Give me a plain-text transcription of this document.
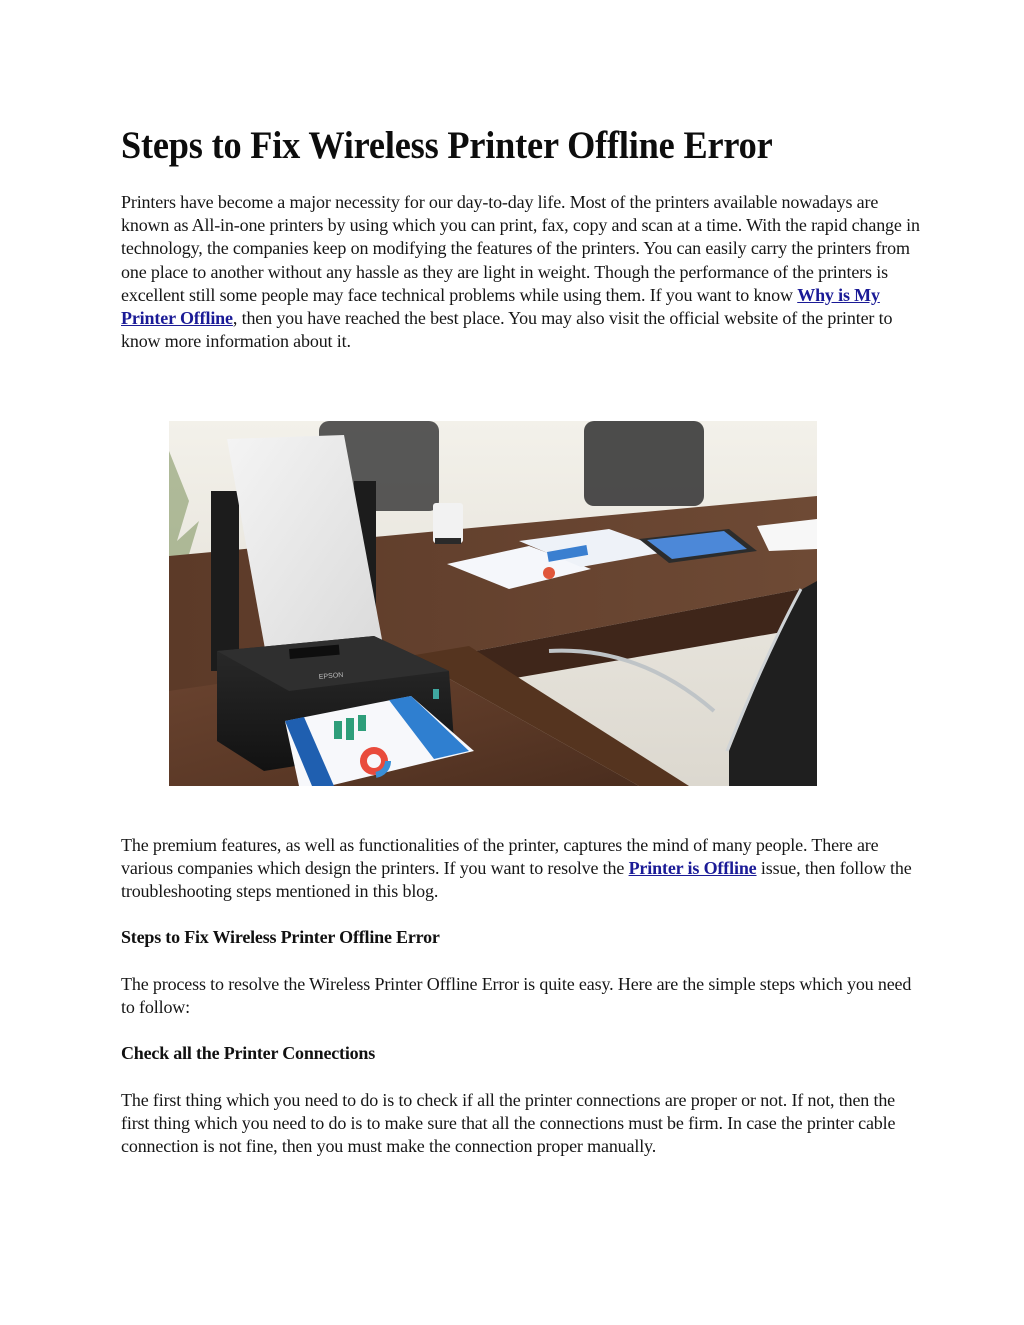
Steps to Fix Wireless Printer Offline Error

Printers have become a major necessity for our day-to-day life. Most of the printers available nowadays are known as All-in-one printers by using which you can print, fax, copy and scan at a time. With the rapid change in technology, the companies keep on modifying the features of the printers. You can easily carry the printers from one place to another without any hassle as they are light in weight. Though the performance of the printers is excellent still some people may face technical problems while using them. If you want to know Why is My Printer Offline, then you have reached the best place. You may also visit the official website of the printer to know more information about it.

EPSON

The premium features, as well as functionalities of the printer, captures the mind of many people. There are various companies which design the printers. If you want to resolve the Printer is Offline issue, then follow the troubleshooting steps mentioned in this blog.

Steps to Fix Wireless Printer Offline Error

The process to resolve the Wireless Printer Offline Error is quite easy. Here are the simple steps which you need to follow:

Check all the Printer Connections

The first thing which you need to do is to check if all the printer connections are proper or not. If not, then the first thing which you need to do is to make sure that all the connections must be firm. In case the printer cable connection is not fine, then you must make the connection proper manually.
